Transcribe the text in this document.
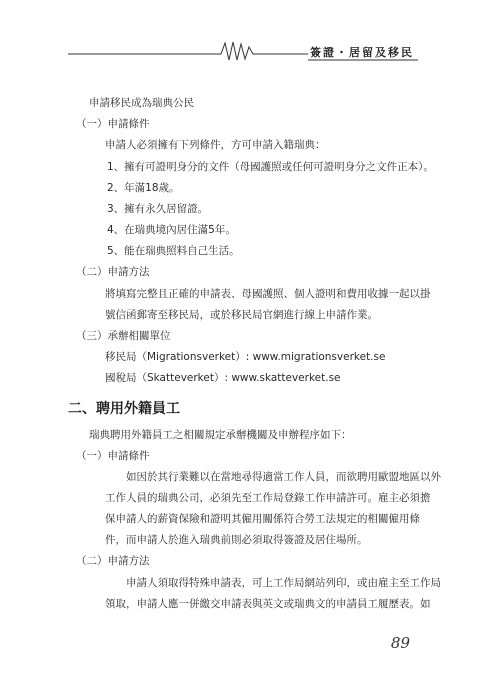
簽證・居留及移民
申請移民成為瑞典公民
（一）申請條件
申請人必須擁有下列條件，方可申請入籍瑞典：
1、擁有可證明身分的文件（母國護照或任何可證明身分之文件正本）。
2、年滿18歲。
3、擁有永久居留證。
4、在瑞典境內居住滿5年。
5、能在瑞典照料自己生活。
（二）申請方法
將填寫完整且正確的申請表、母國護照、個人證明和費用收據一起以掛
號信函郵寄至移民局，或於移民局官網進行線上申請作業。
（三）承辦相關單位
移民局（Migrationsverket）: www.migrationsverket.se
國稅局（Skatteverket）: www.skatteverket.se
二、聘用外籍員工
瑞典聘用外籍員工之相關規定承辦機關及申辦程序如下：
（一）申請條件
如因於其行業難以在當地尋得適當工作人員，而欲聘用歐盟地區以外
工作人員的瑞典公司，必須先至工作局登錄工作申請許可。雇主必須擔
保申請人的薪資保險和證明其僱用關係符合勞工法規定的相關僱用條
件，而申請人於進入瑞典前則必須取得簽證及居住場所。
（二）申請方法
申請人須取得特殊申請表，可上工作局網站列印，或由雇主至工作局
領取，申請人應一併繳交申請表與英文或瑞典文的申請員工履歷表。如
89
